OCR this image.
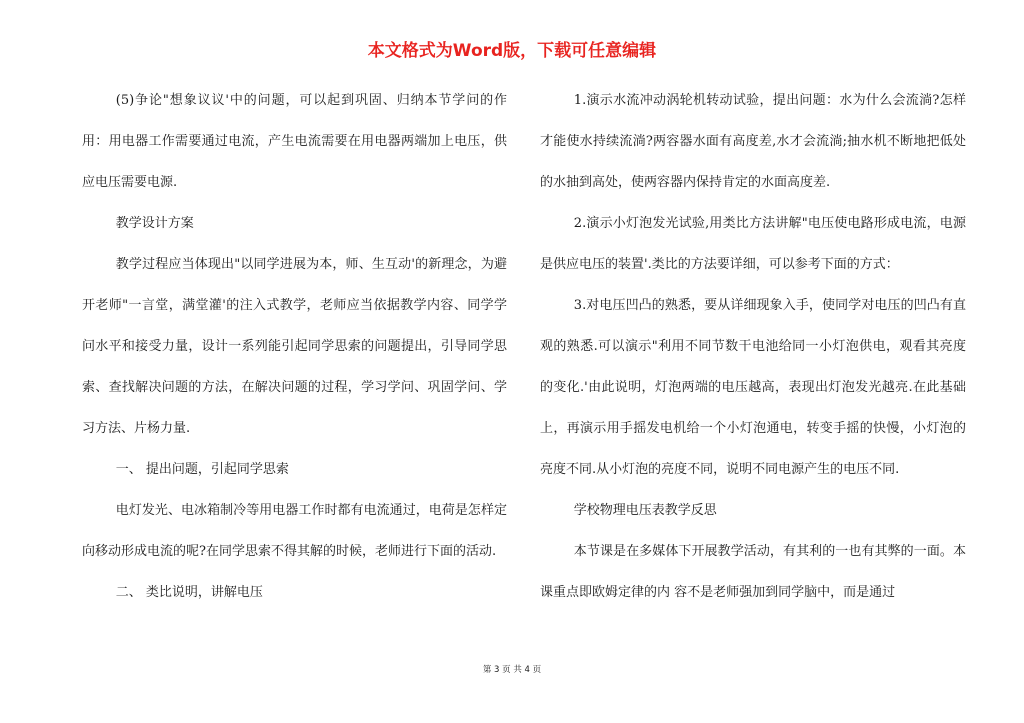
本文格式为Word版，下载可任意编辑

(5)争论"想象议议'中的问题，可以起到巩固、归纳本节学问的作用：用电器工作需要通过电流，产生电流需要在用电器两端加上电压，供应电压需要电源.

教学设计方案

教学过程应当体现出"以同学进展为本，师、生互动'的新理念，为避开老师"一言堂，满堂灌'的注入式教学，老师应当依据教学内容、同学学问水平和接受力量，设计一系列能引起同学思索的问题提出，引导同学思索、查找解决问题的方法，在解决问题的过程，学习学问、巩固学问、学习方法、片杨力量.

一、 提出问题，引起同学思索

电灯发光、电冰箱制冷等用电器工作时都有电流通过，电荷是怎样定向移动形成电流的呢?在同学思索不得其解的时候，老师进行下面的活动.

二、 类比说明，讲解电压

1.演示水流冲动涡轮机转动试验，提出问题：水为什么会流淌?怎样才能使水持续流淌?两容器水面有高度差,水才会流淌;抽水机不断地把低处的水抽到高处，使两容器内保持肯定的水面高度差.

2.演示小灯泡发光试验,用类比方法讲解"电压使电路形成电流，电源是供应电压的装置'.类比的方法要详细，可以参考下面的方式：

3.对电压凹凸的熟悉，要从详细现象入手，使同学对电压的凹凸有直观的熟悉.可以演示"利用不同节数干电池给同一小灯泡供电，观看其亮度的变化.'由此说明，灯泡两端的电压越高，表现出灯泡发光越亮.在此基础上，再演示用手摇发电机给一个小灯泡通电，转变手摇的快慢，小灯泡的亮度不同.从小灯泡的亮度不同，说明不同电源产生的电压不同.

学校物理电压表教学反思

本节课是在多媒体下开展教学活动，有其利的一也有其弊的一面。本课重点即欧姆定律的内 容不是老师强加到同学脑中，而是通过

第 3 页 共 4 页
